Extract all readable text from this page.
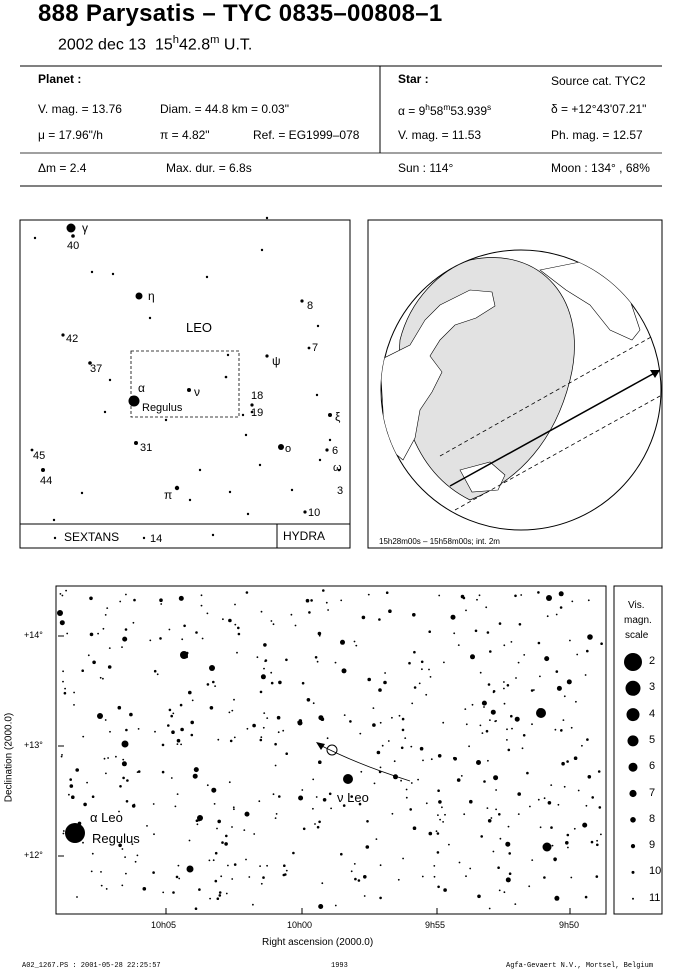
888 Parysatis – TYC 0835–00808–1
2002 dec 13 15$^h$42.8$^m$ U.T.
Planet :
V. mag. = 13.76	Diam. = 44.8 km = 0.03"
μ = 17.96"/h	π = 4.82"	Ref. = EG1999–078
Δm = 2.4	Max. dur. = 6.8s
Star :	Source cat. TYC2
$\alpha = 9^h58^m53.939^s$	δ = +12°43'07.21"
V. mag. = 11.53	Ph. mag. = 12.57
Sun : 114°	Moon : 134° , 68%
LEO
γ
40
η
8
42
7
37
ψ
α	ν
Regulus
18
19	ξ
31	o	6
45
ω
44
3
π
10
SEXTANS	14	HYDRA	15h28m00s – 15h58m00s; int. 2m
+14°
+13°
+12°
10h05	10h00	9h55	9h50
Right ascension (2000.0)
Declination (2000.0)
α Leo
Regulus
ν Leo
Vis.
magn.
scale
2
3
4
5
6
7
8
9
10
11
A02_1267.PS : 2001-05-28 22:25:57	1993	Agfa-Gevaert N.V., Mortsel, Belgium
